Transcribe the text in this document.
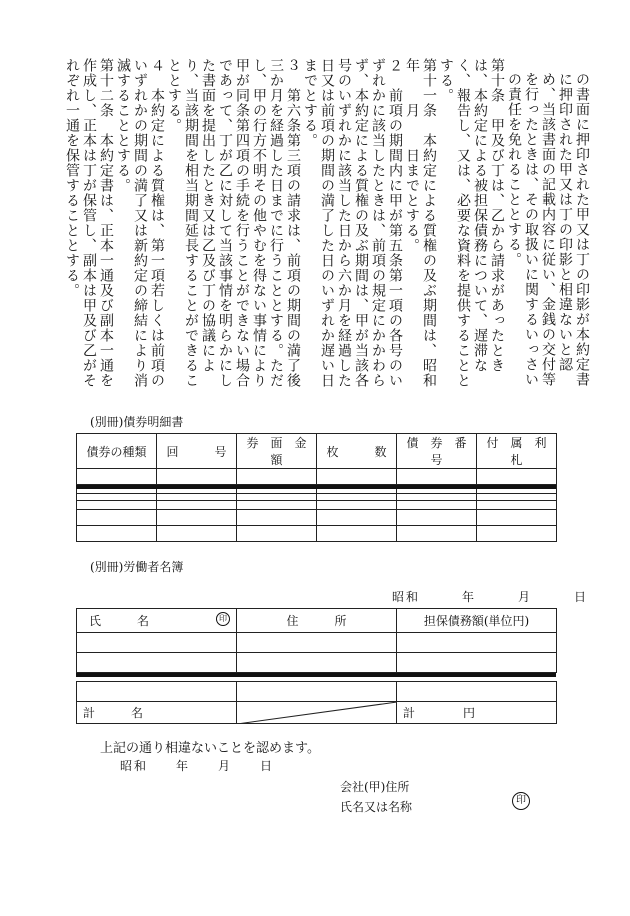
の書面に押印された甲又は丁の印影が本約定書に押印された甲又は丁の印影と相違ないと認め、当該書面の記載内容に従い、金銭の交付等を行ったときは、その取扱いに関するいっさいの責任を免れることとする。

第十条　甲及び丁は、乙から請求があったときは、本約定による被担保債務について、遅滞なく、報告し、又は、必要な資料を提供することとする。

第十一条　本約定による質権の及ぶ期間は、昭和　　年　　月　　日までとする。

２　前項の期間内に甲が第五条第一項の各号のいずれかに該当したときは、前項の規定にかかわらず、本約定による質権の及ぶ期間は、甲が当該各号のいずれかに該当した日から六か月を経過した日又は前項の期間の満了した日のいずれか遅い日までとする。

３　第六条第三項の請求は、前項の期間の満了後三か月を経過した日までに行うこととする。ただし、甲の行方不明その他やむを得ない事情により甲が同条第四項の手続を行うことができない場合であって、丁が乙に対して当該事情を明らかにした書面を提出したとき又は乙及び丁の協議により、当該期間を相当期間延長することができることとする。

４　本約定による質権は、第一項若しくは前項のいずれかの期間の満了又は新約定の締結により消滅することとする。

第十二条　本約定書は、正本一通及び副本一通を作成し、正本は丁が保管し、副本は甲及び乙がそれぞれ一通を保管することとする。

(別冊)債券明細書
債券の種類	回　　　号	券　面　金　額	枚　　　数	債　券　番　号	付　属　利　札

(別冊)労働者名簿
昭和　　　年　　　月　　　日
氏　　　名 印	住　　　所	担保債務額(単位円)

計　　　名		計　　　　円
上記の通り相違ないことを認めます。
昭和　　年　　月　　日
会社(甲)住所
氏名又は名称	印
